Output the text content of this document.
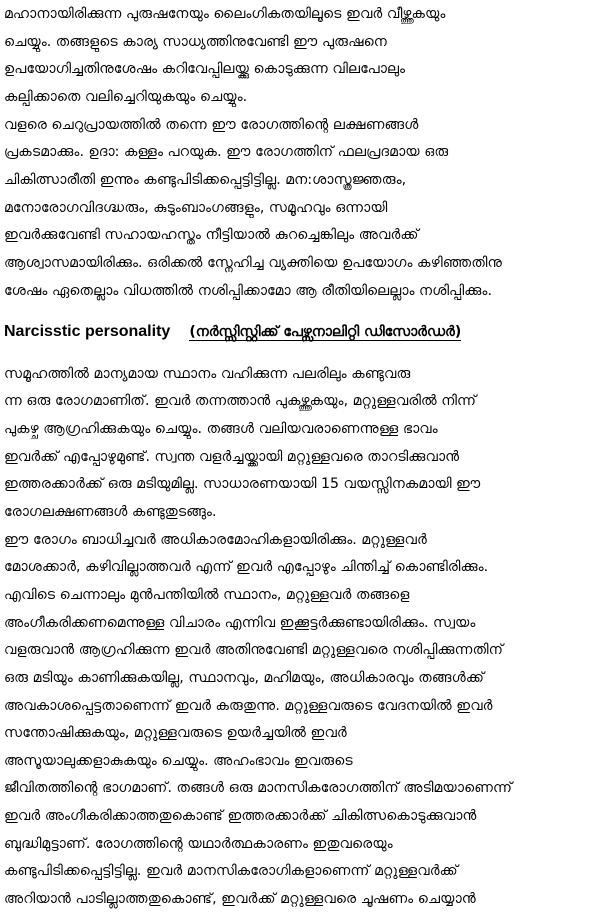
മഹാനായിരിക്കുന്ന പുരുഷനേയും ലൈംഗികതയിലൂടെ ഇവർ വീഴ്ത്തുകയും
ചെയ്യും. തങ്ങളുടെ കാര്യ സാധ്യത്തിനുവേണ്ടി ഈ പുരുഷനെ
ഉപയോഗിച്ചതിനുശേഷം കറിവേപ്പിലയ്ക്കു കൊടുക്കുന്ന വിലപോലും
കല്പിക്കാതെ വലിച്ചെറിയുകയും ചെയ്യും.
വളരെ ചെറുപ്രായത്തിൽ തന്നെ ഈ രോഗത്തിന്റെ ലക്ഷണങ്ങൾ
പ്രകടമാക്കും. ഉദാ: കള്ളം പറയുക. ഈ രോഗത്തിന് ഫലപ്രദമായ ഒരു
ചികിത്സാരീതി ഇന്നും കണ്ടുപിടിക്കപ്പെട്ടിട്ടില്ല. മന:ശാസ്ത്രജ്ഞരും,
മനോരോഗവിദഗ്ദ്ധരും, കുടുംബാംഗങ്ങളും, സമൂഹവും ഒന്നായി
ഇവർക്കുവേണ്ടി സഹായഹസ്തം നീട്ടിയാൽ കുറച്ചെങ്കിലും അവർക്ക്
ആശ്വാസമായിരിക്കും. ഒരിക്കൽ സ്നേഹിച്ച വ്യക്തിയെ ഉപയോഗം കഴിഞ്ഞതിനു
ശേഷം ഏതെല്ലാം വിധത്തിൽ നശിപ്പിക്കാമോ ആ രീതിയിലെല്ലാം നശിപ്പിക്കും.
Narcisstic personality (നർസ്സിസ്റ്റിക്ക് പേഴ്സനാലിറ്റി ഡിസോർഡർ)
സമൂഹത്തിൽ മാന്യമായ സ്ഥാനം വഹിക്കുന്ന പലരിലും കണ്ടുവരു
ന്ന ഒരു രോഗമാണിത്. ഇവർ തന്നത്താൻ പുകഴ്ത്തുകയും, മറ്റുള്ളവരിൽ നിന്ന്
പുകഴ്ച ആഗ്രഹിക്കുകയും ചെയ്യും. തങ്ങൾ വലിയവരാണെന്നുള്ള ഭാവം
ഇവർക്ക് എപ്പോഴുമുണ്ട്. സ്വന്ത വളർച്ചയ്ക്കായി മറ്റുള്ളവരെ താറടിക്കുവാൻ
ഇത്തരക്കാർക്ക് ഒരു മടിയുമില്ല. സാധാരണയായി 15 വയസ്സിനകമായി ഈ
രോഗലക്ഷണങ്ങൾ കണ്ടുതുടങ്ങും.
ഈ രോഗം ബാധിച്ചവർ അധികാരമോഹികളായിരിക്കും. മറ്റുള്ളവർ
മോശക്കാർ, കഴിവില്ലാത്തവർ എന്ന് ഇവർ എപ്പോഴും ചിന്തിച്ച് കൊണ്ടിരിക്കും.
എവിടെ ചെന്നാലും മുൻപന്തിയിൽ സ്ഥാനം, മറ്റുള്ളവർ തങ്ങളെ
അംഗീകരിക്കണമെന്നുള്ള വിചാരം എന്നിവ ഇക്കൂട്ടർക്കുണ്ടായിരിക്കും. സ്വയം
വളരുവാൻ ആഗ്രഹിക്കുന്ന ഇവർ അതിനുവേണ്ടി മറ്റുള്ളവരെ നശിപ്പിക്കുന്നതിന്
ഒരു മടിയും കാണിക്കുകയില്ല, സ്ഥാനവും, മഹിമയും, അധികാരവും തങ്ങൾക്ക്
അവകാശപ്പെട്ടതാണെന്ന് ഇവർ കരുതുന്നു. മറ്റുള്ളവരുടെ വേദനയിൽ ഇവർ
സന്തോഷിക്കുകയും, മറ്റുള്ളവരുടെ ഉയർച്ചയിൽ ഇവർ
അസൂയാലുക്കളാകുകയും ചെയ്യും. അഹംഭാവം ഇവരുടെ
ജീവിതത്തിന്റെ ഭാഗമാണ്. തങ്ങൾ ഒരു മാനസികരോഗത്തിന് അടിമയാണെന്ന്
ഇവർ അംഗീകരിക്കാത്തതുകൊണ്ട് ഇത്തരക്കാർക്ക് ചികിത്സകൊടുക്കുവാൻ
ബുദ്ധിമുട്ടാണ്. രോഗത്തിന്റെ യഥാർത്ഥകാരണം ഇതുവരെയും
കണ്ടുപിടിക്കപ്പെട്ടിട്ടില്ല. ഇവർ മാനസികരോഗികളാണെന്ന് മറ്റുള്ളവർക്ക്
അറിയാൻ പാടില്ലാത്തതുകൊണ്ട്, ഇവർക്ക് മറ്റുള്ളവരെ ചൂഷണം ചെയ്യാൻ
